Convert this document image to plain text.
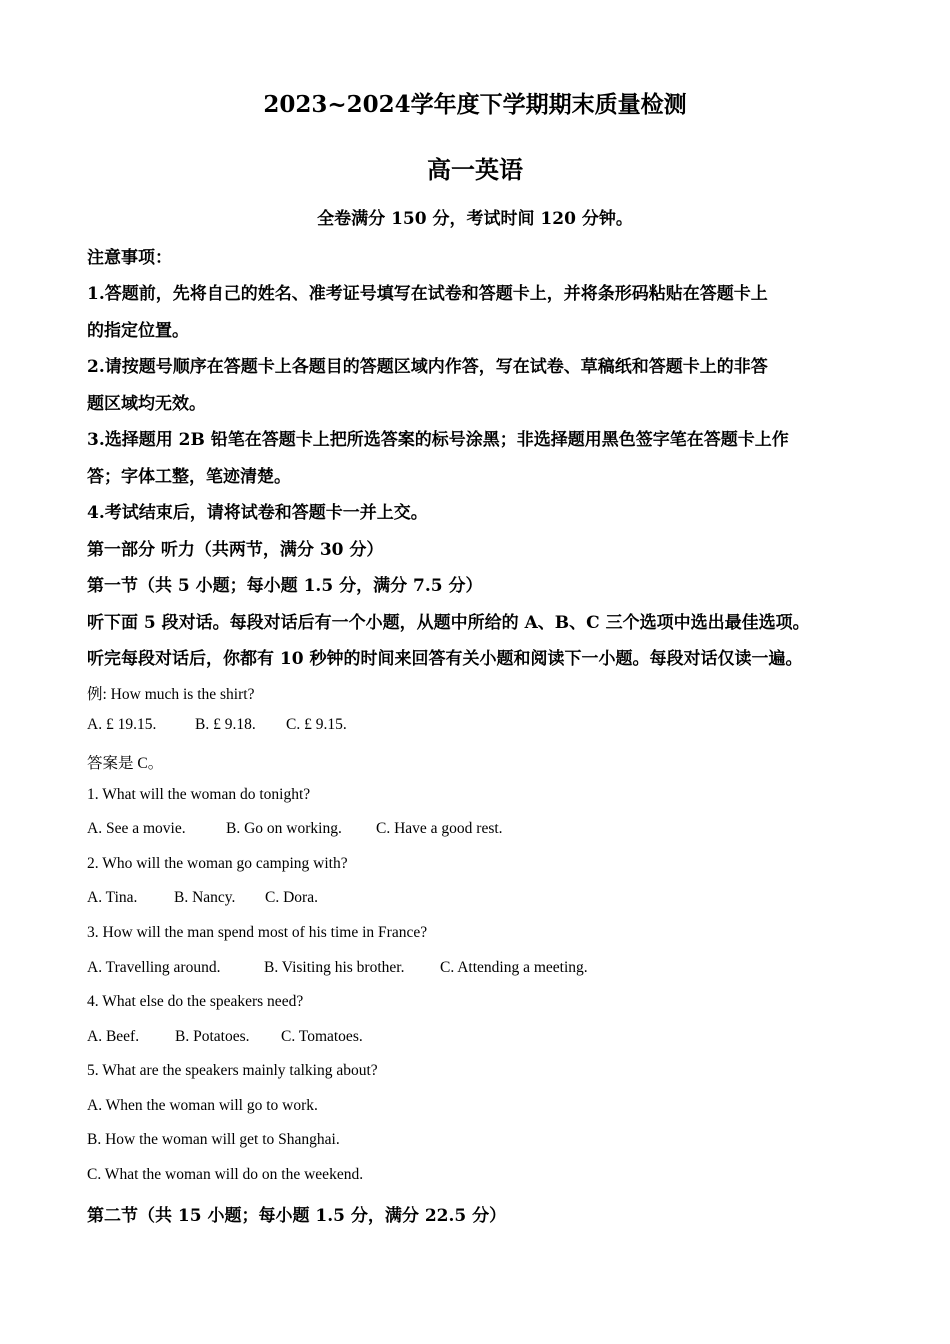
2023~2024学年度下学期期末质量检测
高一英语
全卷满分 150 分，考试时间 120 分钟。
注意事项：
1.答题前，先将自己的姓名、准考证号填写在试卷和答题卡上，并将条形码粘贴在答题卡上
的指定位置。
2.请按题号顺序在答题卡上各题目的答题区域内作答，写在试卷、草稿纸和答题卡上的非答
题区域均无效。
3.选择题用 2B 铅笔在答题卡上把所选答案的标号涂黑；非选择题用黑色签字笔在答题卡上作
答；字体工整，笔迹清楚。
4.考试结束后，请将试卷和答题卡一并上交。
第一部分 听力（共两节，满分 30 分）
第一节（共 5 小题；每小题 1.5 分，满分 7.5 分）
听下面 5 段对话。每段对话后有一个小题，从题中所给的 A、B、C 三个选项中选出最佳选项。
听完每段对话后，你都有 10 秒钟的时间来回答有关小题和阅读下一小题。每段对话仅读一遍。
例: How much is the shirt?
A. £ 19.15. B. £ 9.18. C. £ 9.15.
答案是 C。
1. What will the woman do tonight?
A. See a movie.	B. Go on working. C. Have a good rest.
2. Who will the woman go camping with?
A. Tina. B. Nancy. C. Dora.
3. How will the man spend most of his time in France?
A. Travelling around.	B. Visiting his brother. C. Attending a meeting.
4. What else do the speakers need?
A. Beef. B. Potatoes. C. Tomatoes.
5. What are the speakers mainly talking about?
A. When the woman will go to work.
B. How the woman will get to Shanghai.
C. What the woman will do on the weekend.
第二节（共 15 小题；每小题 1.5 分，满分 22.5 分）
